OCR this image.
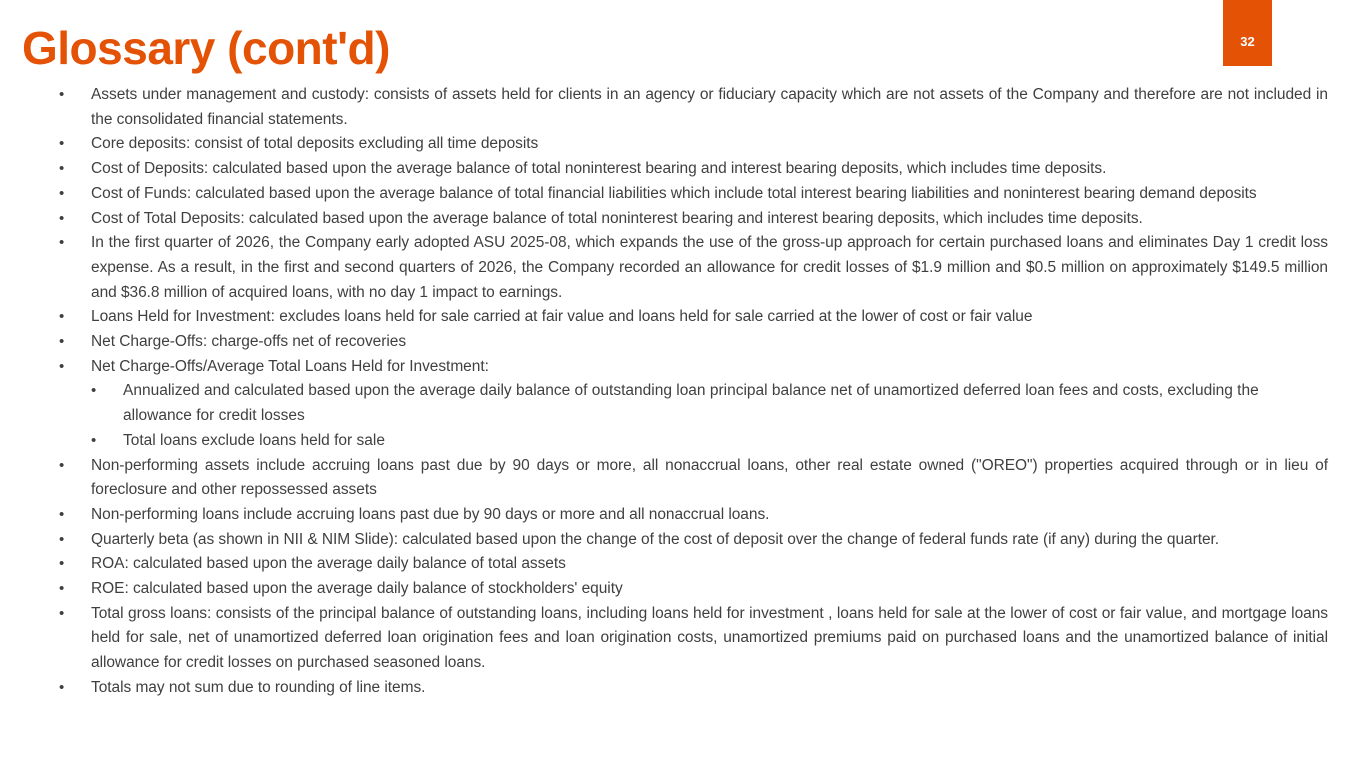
Glossary (cont'd)	32
•	Assets under management and custody: consists of assets held for clients in an agency or fiduciary capacity which are not assets of the Company and therefore are not included in the consolidated financial statements.
•	Core deposits: consist of total deposits excluding all time deposits
•	Cost of Deposits: calculated based upon the average balance of total noninterest bearing and interest bearing deposits, which includes time deposits.
•	Cost of Funds: calculated based upon the average balance of total financial liabilities which include total interest bearing liabilities and noninterest bearing demand deposits
•	Cost of Total Deposits: calculated based upon the average balance of total noninterest bearing and interest bearing deposits, which includes time deposits.
•	In the first quarter of 2026, the Company early adopted ASU 2025-08, which expands the use of the gross-up approach for certain purchased loans and eliminates Day 1 credit loss expense. As a result, in the first and second quarters of 2026, the Company recorded an allowance for credit losses of $1.9 million and $0.5 million on approximately $149.5 million and $36.8 million of acquired loans, with no day 1 impact to earnings.
•	Loans Held for Investment: excludes loans held for sale carried at fair value and loans held for sale carried at the lower of cost or fair value
•	Net Charge-Offs: charge-offs net of recoveries
•	Net Charge-Offs/Average Total Loans Held for Investment:
•	Annualized and calculated based upon the average daily balance of outstanding loan principal balance net of unamortized deferred loan fees and costs, excluding the allowance for credit losses
•	Total loans exclude loans held for sale
•	Non-performing assets include accruing loans past due by 90 days or more, all nonaccrual loans, other real estate owned ("OREO") properties acquired through or in lieu of foreclosure and other repossessed assets
•	Non-performing loans include accruing loans past due by 90 days or more and all nonaccrual loans.
•	Quarterly beta (as shown in NII & NIM Slide): calculated based upon the change of the cost of deposit over the change of federal funds rate (if any) during the quarter.
•	ROA: calculated based upon the average daily balance of total assets
•	ROE: calculated based upon the average daily balance of stockholders' equity
•	Total gross loans: consists of the principal balance of outstanding loans, including loans held for investment , loans held for sale at the lower of cost or fair value, and mortgage loans held for sale, net of unamortized deferred loan origination fees and loan origination costs, unamortized premiums paid on purchased loans and the unamortized balance of initial allowance for credit losses on purchased seasoned loans.
•	Totals may not sum due to rounding of line items.
